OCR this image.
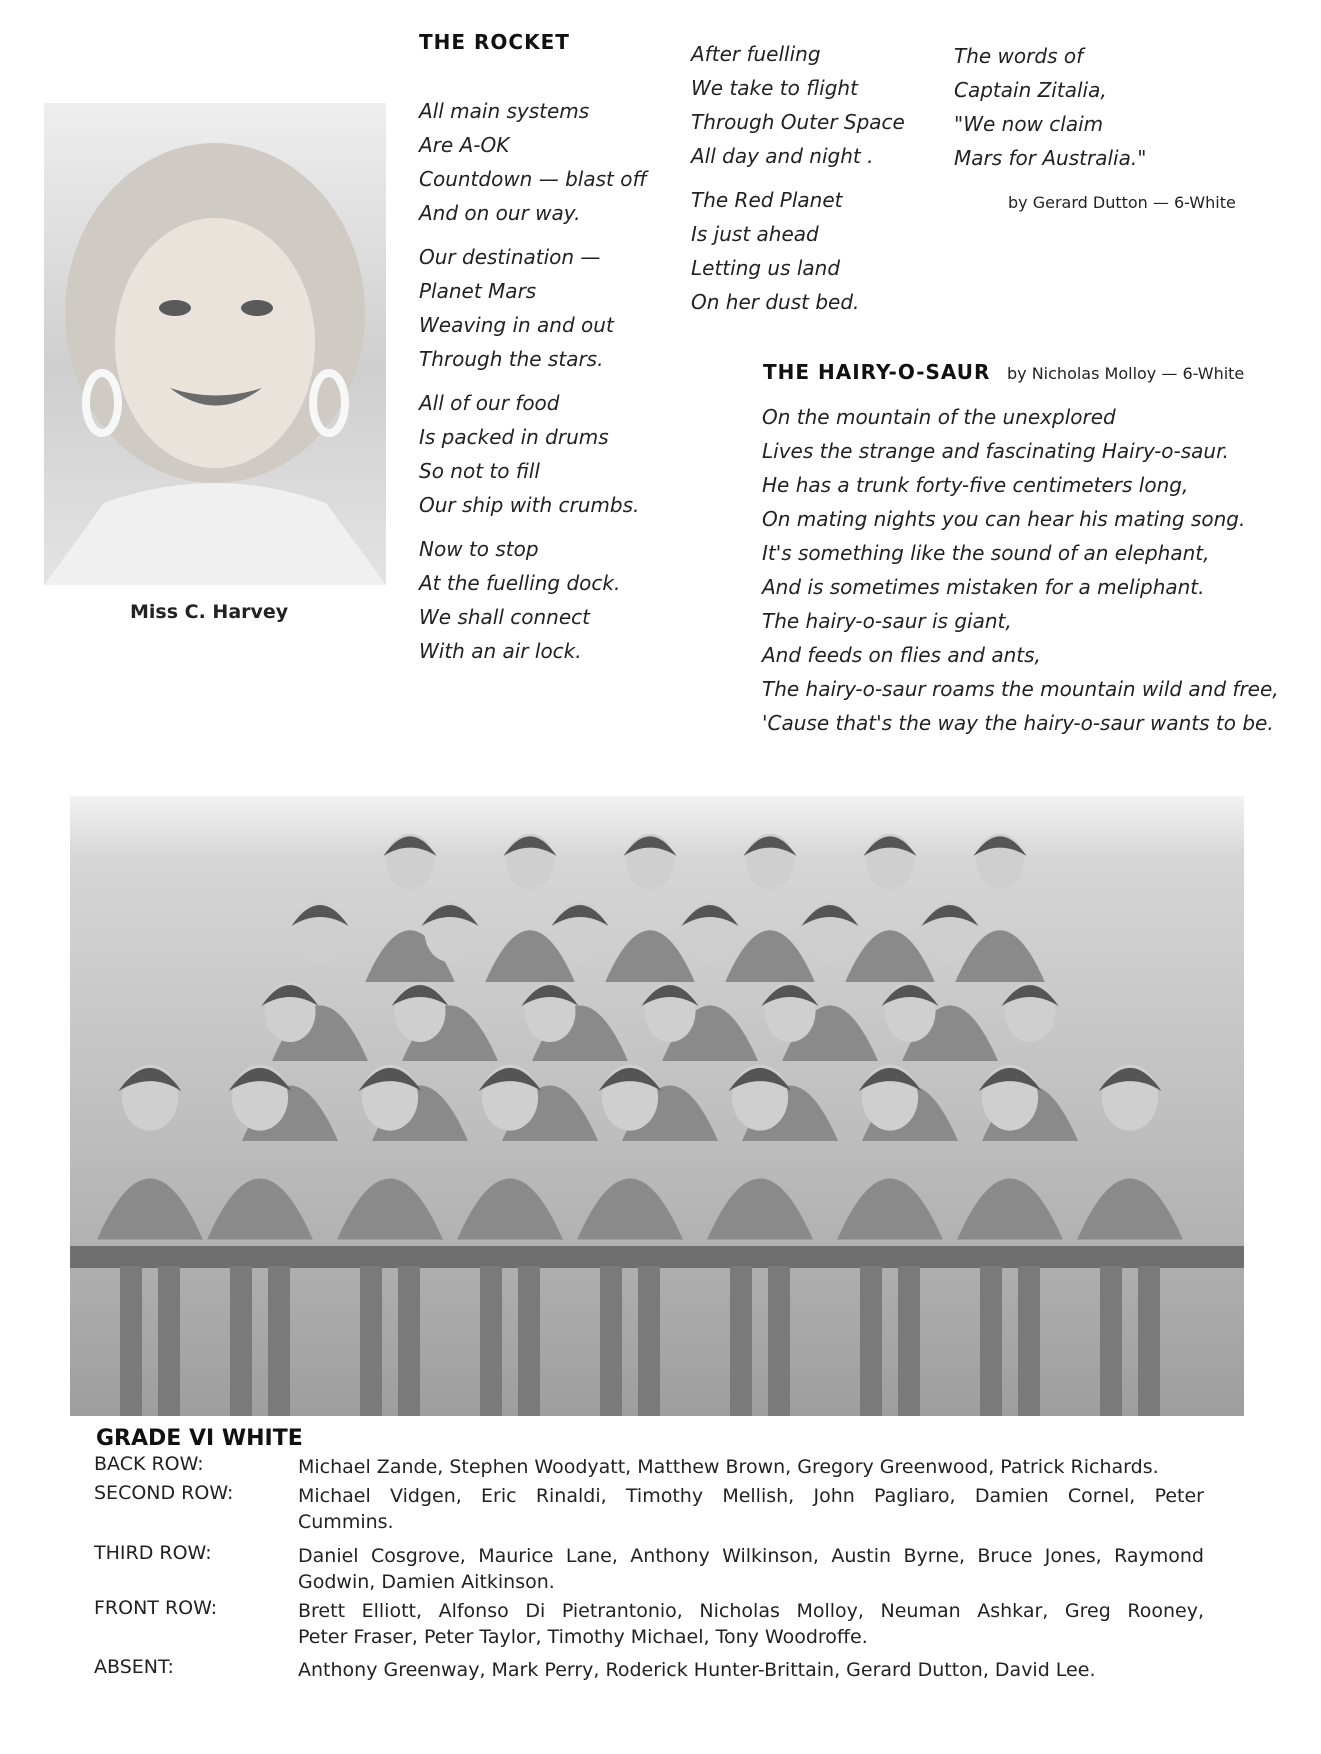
Miss C. Harvey
THE ROCKET
All main systems
Are A-OK
Countdown — blast off
And on our way.
Our destination —
Planet Mars
Weaving in and out
Through the stars.
All of our food
Is packed in drums
So not to fill
Our ship with crumbs.
Now to stop
At the fuelling dock.
We shall connect
With an air lock.
After fuelling
We take to flight
Through Outer Space
All day and night .
The Red Planet
Is just ahead
Letting us land
On her dust bed.
The words of
Captain Zitalia,
"We now claim
Mars for Australia."
by Gerard Dutton — 6-White
THE HAIRY-O-SAUR by Nicholas Molloy — 6-White
On the mountain of the unexplored
Lives the strange and fascinating Hairy-o-saur.
He has a trunk forty-five centimeters long,
On mating nights you can hear his mating song.
It's something like the sound of an elephant,
And is sometimes mistaken for a meliphant.
The hairy-o-saur is giant,
And feeds on flies and ants,
The hairy-o-saur roams the mountain wild and free,
'Cause that's the way the hairy-o-saur wants to be.
GRADE VI WHITE
BACK ROW:	Michael Zande, Stephen Woodyatt, Matthew Brown, Gregory Greenwood, Patrick Richards.
SECOND ROW:	Michael Vidgen, Eric Rinaldi, Timothy Mellish, John Pagliaro, Damien Cornel, Peter
Cummins.
THIRD ROW:	Daniel Cosgrove, Maurice Lane, Anthony Wilkinson, Austin Byrne, Bruce Jones, Raymond
Godwin, Damien Aitkinson.
FRONT ROW:	Brett Elliott, Alfonso Di Pietrantonio, Nicholas Molloy, Neuman Ashkar, Greg Rooney,
Peter Fraser, Peter Taylor, Timothy Michael, Tony Woodroffe.
ABSENT:	Anthony Greenway, Mark Perry, Roderick Hunter-Brittain, Gerard Dutton, David Lee.
